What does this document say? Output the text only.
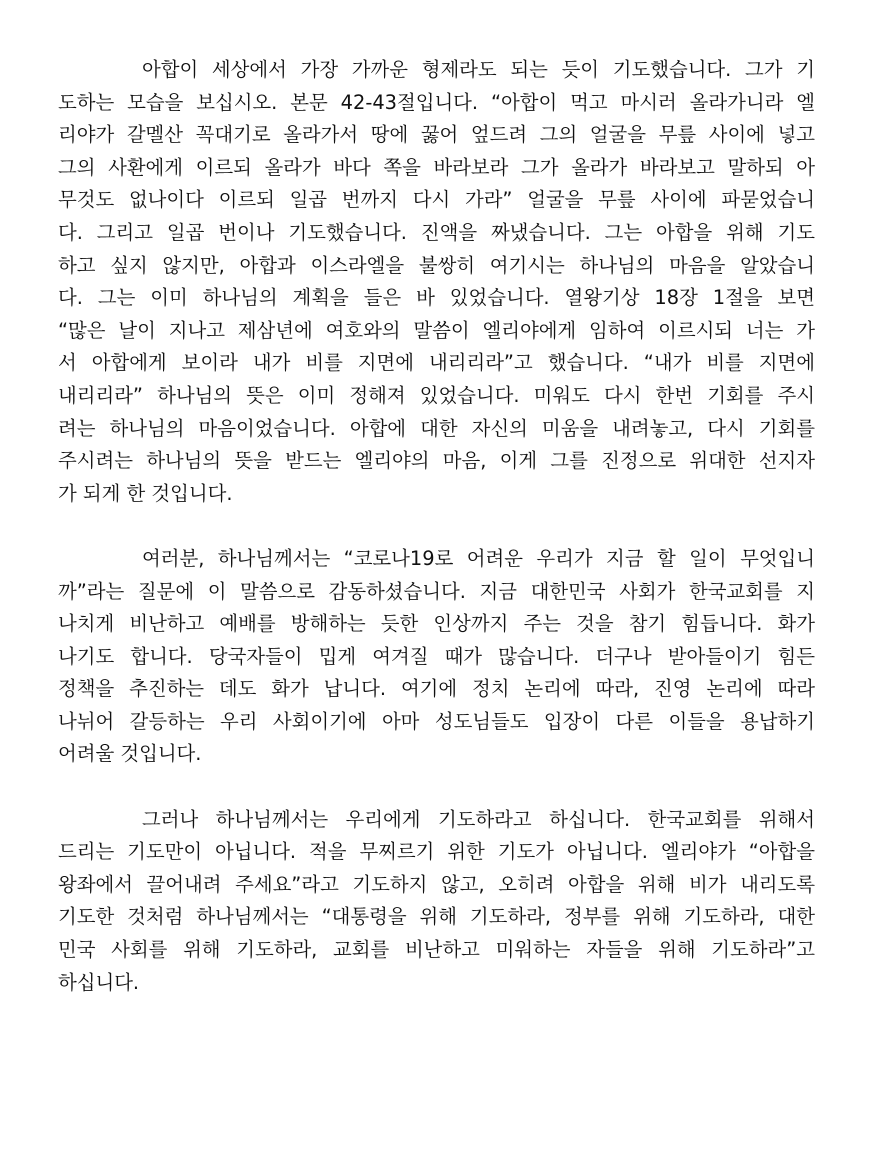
아합이 세상에서 가장 가까운 형제라도 되는 듯이 기도했습니다. 그가 기
도하는 모습을 보십시오. 본문 42-43절입니다. “아합이 먹고 마시러 올라가니라 엘
리야가 갈멜산 꼭대기로 올라가서 땅에 꿇어 엎드려 그의 얼굴을 무릎 사이에 넣고
그의 사환에게 이르되 올라가 바다 쪽을 바라보라 그가 올라가 바라보고 말하되 아
무것도 없나이다 이르되 일곱 번까지 다시 가라” 얼굴을 무릎 사이에 파묻었습니
다. 그리고 일곱 번이나 기도했습니다. 진액을 짜냈습니다. 그는 아합을 위해 기도
하고 싶지 않지만, 아합과 이스라엘을 불쌍히 여기시는 하나님의 마음을 알았습니
다. 그는 이미 하나님의 계획을 들은 바 있었습니다. 열왕기상 18장 1절을 보면
“많은 날이 지나고 제삼년에 여호와의 말씀이 엘리야에게 임하여 이르시되 너는 가
서 아합에게 보이라 내가 비를 지면에 내리리라”고 했습니다. “내가 비를 지면에
내리리라” 하나님의 뜻은 이미 정해져 있었습니다. 미워도 다시 한번 기회를 주시
려는 하나님의 마음이었습니다. 아합에 대한 자신의 미움을 내려놓고, 다시 기회를
주시려는 하나님의 뜻을 받드는 엘리야의 마음, 이게 그를 진정으로 위대한 선지자
가 되게 한 것입니다.
여러분, 하나님께서는 “코로나19로 어려운 우리가 지금 할 일이 무엇입니
까”라는 질문에 이 말씀으로 감동하셨습니다. 지금 대한민국 사회가 한국교회를 지
나치게 비난하고 예배를 방해하는 듯한 인상까지 주는 것을 참기 힘듭니다. 화가
나기도 합니다. 당국자들이 밉게 여겨질 때가 많습니다. 더구나 받아들이기 힘든
정책을 추진하는 데도 화가 납니다. 여기에 정치 논리에 따라, 진영 논리에 따라
나뉘어 갈등하는 우리 사회이기에 아마 성도님들도 입장이 다른 이들을 용납하기
어려울 것입니다.
그러나 하나님께서는 우리에게 기도하라고 하십니다. 한국교회를 위해서
드리는 기도만이 아닙니다. 적을 무찌르기 위한 기도가 아닙니다. 엘리야가 “아합을
왕좌에서 끌어내려 주세요”라고 기도하지 않고, 오히려 아합을 위해 비가 내리도록
기도한 것처럼 하나님께서는 “대통령을 위해 기도하라, 정부를 위해 기도하라, 대한
민국 사회를 위해 기도하라, 교회를 비난하고 미워하는 자들을 위해 기도하라”고
하십니다.
